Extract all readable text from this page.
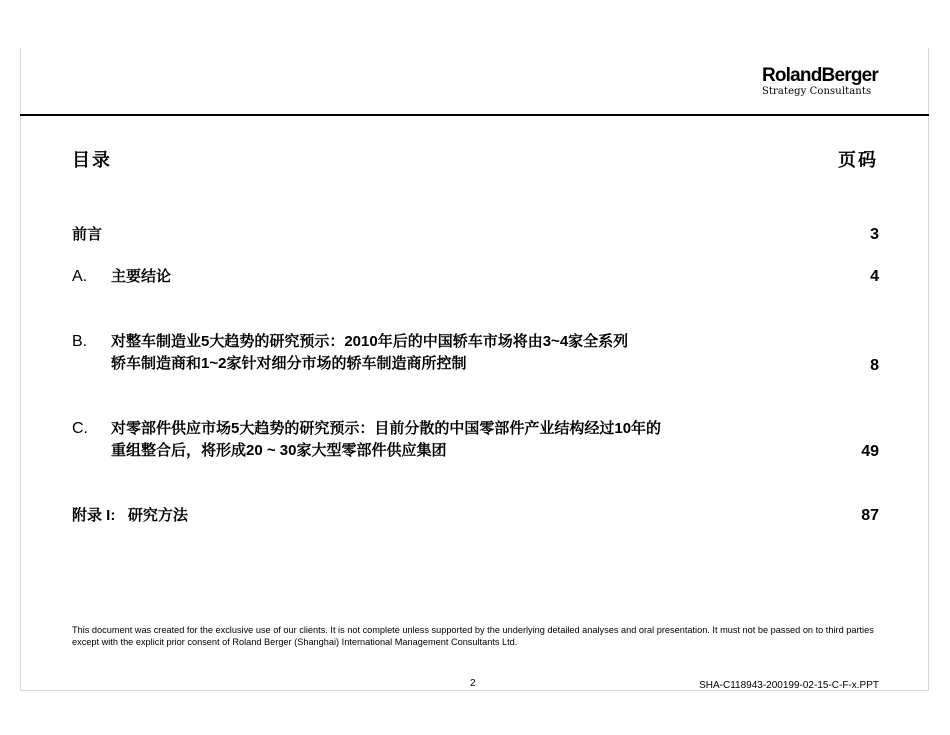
RolandBerger
Strategy Consultants
目录	页码
前言	3
A. 主要结论	4
B. 对整车制造业5大趋势的研究预示：2010年后的中国轿车市场将由3~4家全系列
轿车制造商和1~2家针对细分市场的轿车制造商所控制	8
C. 对零部件供应市场5大趋势的研究预示：目前分散的中国零部件产业结构经过10年的
重组整合后，将形成20 ~ 30家大型零部件供应集团	49
附录 I:   研究方法	87
This document was created for the exclusive use of our clients. It is not complete unless supported by the underlying detailed analyses and oral presentation. It must not be passed on to third parties except with the explicit prior consent of Roland Berger (Shanghai) International Management Consultants Ltd.
2	SHA-C118943-200199-02-15-C-F-x.PPT
